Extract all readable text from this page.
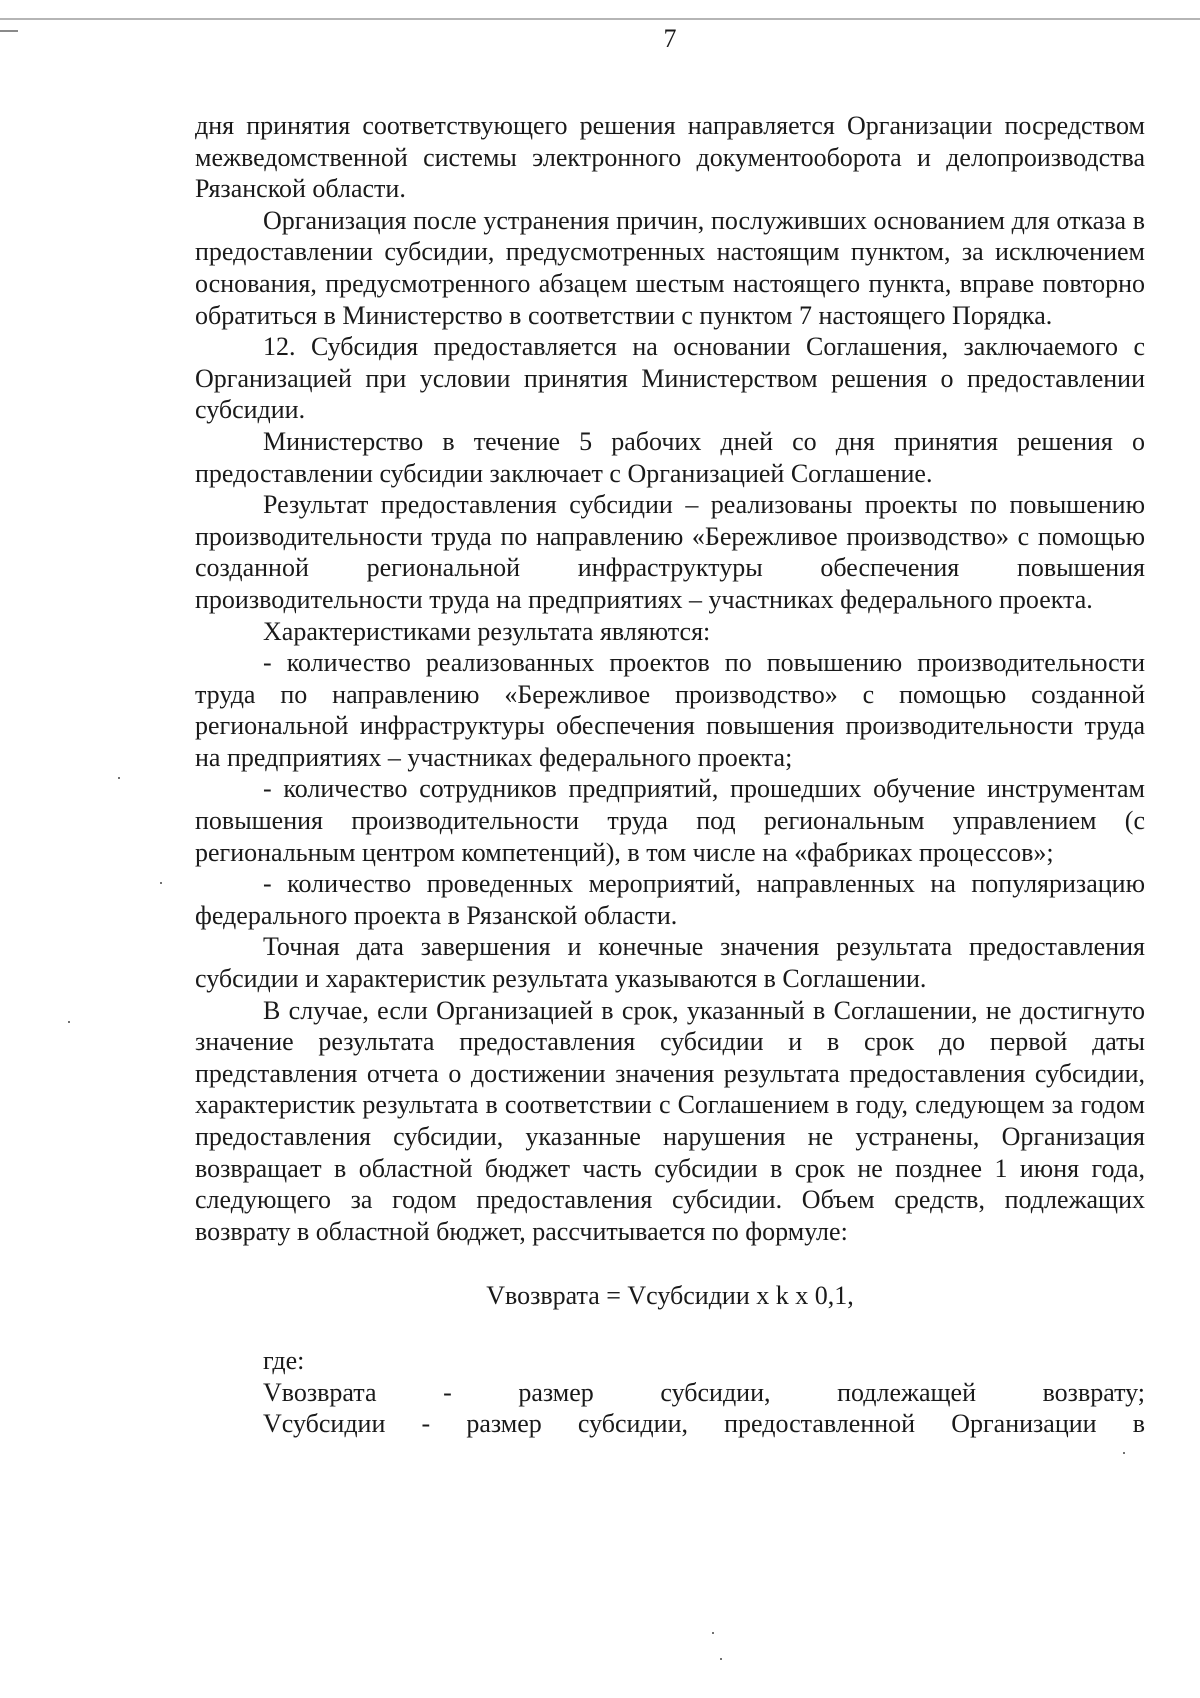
7

дня принятия соответствующего решения направляется Организации посредством межведомственной системы электронного документооборота и делопроизводства Рязанской области.

Организация после устранения причин, послуживших основанием для отказа в предоставлении субсидии, предусмотренных настоящим пунктом, за исключением основания, предусмотренного абзацем шестым настоящего пункта, вправе повторно обратиться в Министерство в соответствии с пунктом 7 настоящего Порядка.

12. Субсидия предоставляется на основании Соглашения, заключаемого с Организацией при условии принятия Министерством решения о предоставлении субсидии.

Министерство в течение 5 рабочих дней со дня принятия решения о предоставлении субсидии заключает с Организацией Соглашение.

Результат предоставления субсидии – реализованы проекты по повышению производительности труда по направлению «Бережливое производство» с помощью созданной региональной инфраструктуры обеспечения повышения производительности труда на предприятиях – участниках федерального проекта.

Характеристиками результата являются:

- количество реализованных проектов по повышению производительности труда по направлению «Бережливое производство» с помощью созданной региональной инфраструктуры обеспечения повышения производительности труда на предприятиях – участниках федерального проекта;

- количество сотрудников предприятий, прошедших обучение инструментам повышения производительности труда под региональным управлением (с региональным центром компетенций), в том числе на «фабриках процессов»;

- количество проведенных мероприятий, направленных на популяризацию федерального проекта в Рязанской области.

Точная дата завершения и конечные значения результата предоставления субсидии и характеристик результата указываются в Соглашении.

В случае, если Организацией в срок, указанный в Соглашении, не достигнуто значение результата предоставления субсидии и в срок до первой даты представления отчета о достижении значения результата предоставления субсидии, характеристик результата в соответствии с Соглашением в году, следующем за годом предоставления субсидии, указанные нарушения не устранены, Организация возвращает в областной бюджет часть субсидии в срок не позднее 1 июня года, следующего за годом предоставления субсидии. Объем средств, подлежащих возврату в областной бюджет, рассчитывается по формуле:

Vвозврата = Vсубсидии x k x 0,1,

где:

Vвозврата - размер субсидии, подлежащей возврату;

Vсубсидии - размер субсидии, предоставленной Организации в
